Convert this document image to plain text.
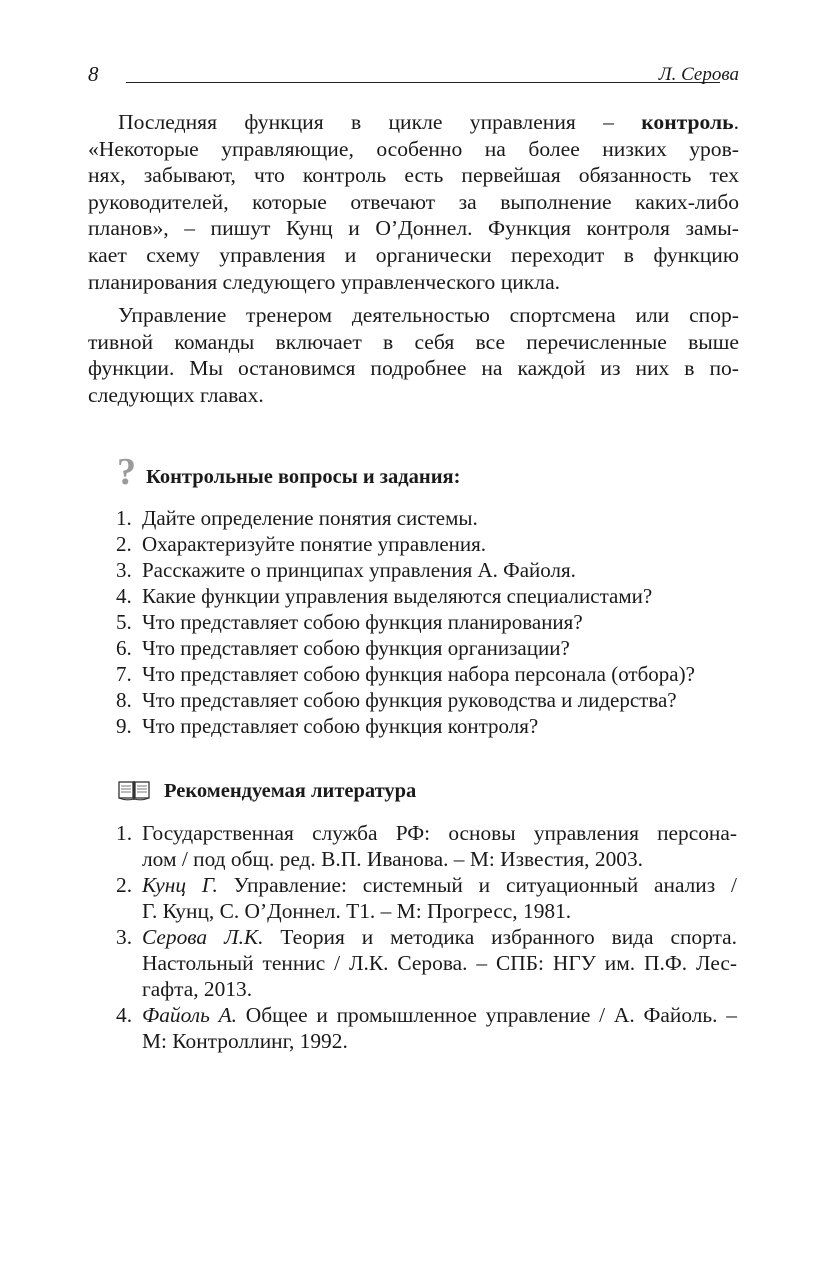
8	Л. Серова
Последняя функция в цикле управления – контроль.
«Некоторые управляющие, особенно на более низких уров-
нях, забывают, что контроль есть первейшая обязанность тех
руководителей, которые отвечают за выполнение каких-либо
планов», – пишут Кунц и О’Доннел. Функция контроля замы-
кает схему управления и органически переходит в функцию
планирования следующего управленческого цикла.
Управление тренером деятельностью спортсмена или спор-
тивной команды включает в себя все перечисленные выше
функции. Мы остановимся подробнее на каждой из них в по-
следующих главах.
? Контрольные вопросы и задания:
1. Дайте определение понятия системы.
2. Охарактеризуйте понятие управления.
3. Расскажите о принципах управления А. Файоля.
4. Какие функции управления выделяются специалистами?
5. Что представляет собою функция планирования?
6. Что представляет собою функция организации?
7. Что представляет собою функция набора персонала (отбора)?
8. Что представляет собою функция руководства и лидерства?
9. Что представляет собою функция контроля?
Рекомендуемая литература
1. Государственная служба РФ: основы управления персона-
лом / под общ. ред. В.П. Иванова. – М: Известия, 2003.
2. Кунц Г. Управление: системный и ситуационный анализ /
Г. Кунц, С. О’Доннел. Т1. – М: Прогресс, 1981.
3. Серова Л.К. Теория и методика избранного вида спорта.
Настольный теннис / Л.К. Серова. – СПБ: НГУ им. П.Ф. Лес-
гафта, 2013.
4. Файоль А. Общее и промышленное управление / А. Файоль. –
М: Контроллинг, 1992.
